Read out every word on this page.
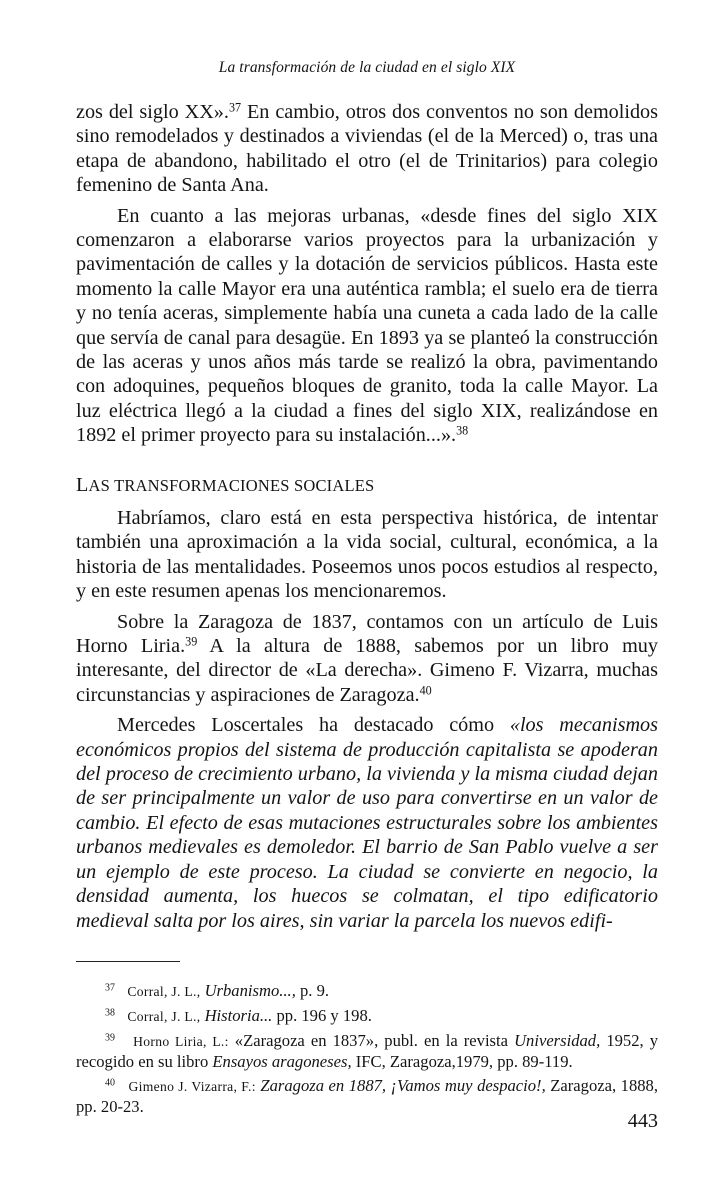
La transformación de la ciudad en el siglo XIX

zos del siglo XX».$^{37}$ En cambio, otros dos conventos no son demolidos sino remodelados y destinados a viviendas (el de la Merced) o, tras una etapa de abandono, habilitado el otro (el de Trinitarios) para colegio femenino de Santa Ana.

En cuanto a las mejoras urbanas, «desde fines del siglo XIX comenzaron a elaborarse varios proyectos para la urbanización y pavimentación de calles y la dotación de servicios públicos. Hasta este momento la calle Mayor era una auténtica rambla; el suelo era de tierra y no tenía aceras, simplemente había una cuneta a cada lado de la calle que servía de canal para desagüe. En 1893 ya se planteó la construcción de las aceras y unos años más tarde se realizó la obra, pavimentando con adoquines, pequeños bloques de granito, toda la calle Mayor. La luz eléctrica llegó a la ciudad a fines del siglo XIX, realizándose en 1892 el primer proyecto para su instalación...».$^{38}$

LAS TRANSFORMACIONES SOCIALES

Habríamos, claro está en esta perspectiva histórica, de intentar también una aproximación a la vida social, cultural, económica, a la historia de las mentalidades. Poseemos unos pocos estudios al respecto, y en este resumen apenas los mencionaremos.

Sobre la Zaragoza de 1837, contamos con un artículo de Luis Horno Liria.$^{39}$ A la altura de 1888, sabemos por un libro muy interesante, del director de «La derecha». Gimeno F. Vizarra, muchas circunstancias y aspiraciones de Zaragoza.$^{40}$

Mercedes Loscertales ha destacado cómo «los mecanismos económicos propios del sistema de producción capitalista se apoderan del proceso de crecimiento urbano, la vivienda y la misma ciudad dejan de ser principalmente un valor de uso para convertirse en un valor de cambio. El efecto de esas mutaciones estructurales sobre los ambientes urbanos medievales es demoledor. El barrio de San Pablo vuelve a ser un ejemplo de este proceso. La ciudad se convierte en negocio, la densidad aumenta, los huecos se colmatan, el tipo edificatorio medieval salta por los aires, sin variar la parcela los nuevos edifi-

$^{37}$ Corral, J. L., Urbanismo..., p. 9.

$^{38}$ Corral, J. L., Historia... pp. 196 y 198.

$^{39}$ Horno Liria, L.: «Zaragoza en 1837», publ. en la revista Universidad, 1952, y recogido en su libro Ensayos aragoneses, IFC, Zaragoza,1979, pp. 89-119.

$^{40}$ Gimeno J. Vizarra, F.: Zaragoza en 1887, ¡Vamos muy despacio!, Zaragoza, 1888, pp. 20-23.

443
